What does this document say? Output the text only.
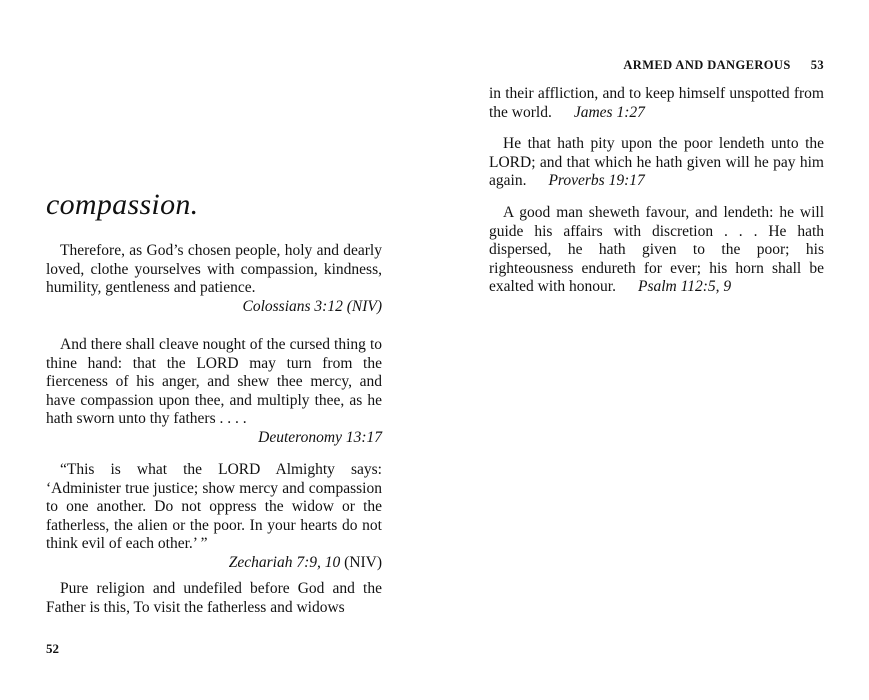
compassion.
Therefore, as God’s chosen people, holy and dearly loved, clothe yourselves with compassion, kindness, humility, gentleness and patience.
Colossians 3:12 (NIV)
And there shall cleave nought of the cursed thing to thine hand: that the LORD may turn from the fierceness of his anger, and shew thee mercy, and have compassion upon thee, and multiply thee, as he hath sworn unto thy fathers . . . .
Deuteronomy 13:17
“This is what the LORD Almighty says: ‘Administer true justice; show mercy and compassion to one another. Do not oppress the widow or the fatherless, the alien or the poor. In your hearts do not think evil of each other.’ ”
Zechariah 7:9, 10 (NIV)
Pure religion and undefiled before God and the Father is this, To visit the fatherless and widows
52
ARMED AND DANGEROUS 53
in their affliction, and to keep himself unspotted from the world. James 1:27
He that hath pity upon the poor lendeth unto the LORD; and that which he hath given will he pay him again. Proverbs 19:17
A good man sheweth favour, and lendeth: he will guide his affairs with discretion . . . He hath dispersed, he hath given to the poor; his righteousness endureth for ever; his horn shall be exalted with honour. Psalm 112:5, 9
